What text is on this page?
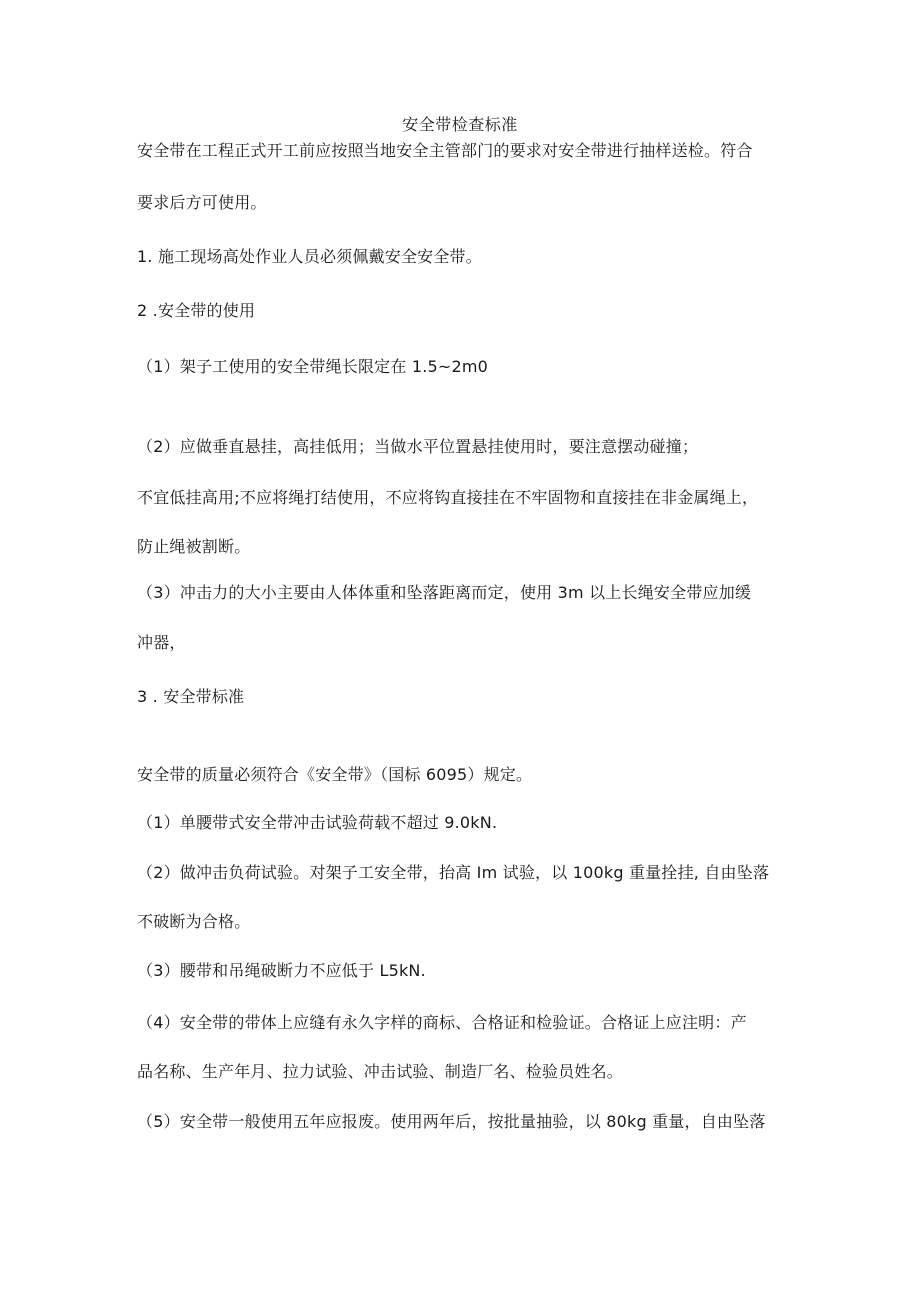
安全带检查标准
安全带在工程正式开工前应按照当地安全主管部门的要求对安全带进行抽样送检。符合
要求后方可使用。
1. 施工现场高处作业人员必须佩戴安全安全带。
2 .安全带的使用
（1）架子工使用的安全带绳长限定在 1.5~2m0
（2）应做垂直悬挂，高挂低用；当做水平位置悬挂使用时，要注意摆动碰撞；
不宜低挂高用;不应将绳打结使用，不应将钩直接挂在不牢固物和直接挂在非金属绳上，
防止绳被割断。
（3）冲击力的大小主要由人体体重和坠落距离而定，使用 3m 以上长绳安全带应加缓
冲器，
3 . 安全带标准
安全带的质量必须符合《安全带》（国标 6095）规定。
（1）单腰带式安全带冲击试验荷载不超过 9.0kN.
（2）做冲击负荷试验。对架子工安全带，抬高 Im 试验，以 100kg 重量拴挂, 自由坠落
不破断为合格。
（3）腰带和吊绳破断力不应低于 L5kN.
（4）安全带的带体上应缝有永久字样的商标、合格证和检验证。合格证上应注明：产
品名称、生产年月、拉力试验、冲击试验、制造厂名、检验员姓名。
（5）安全带一般使用五年应报废。使用两年后，按批量抽验，以 80kg 重量，自由坠落
